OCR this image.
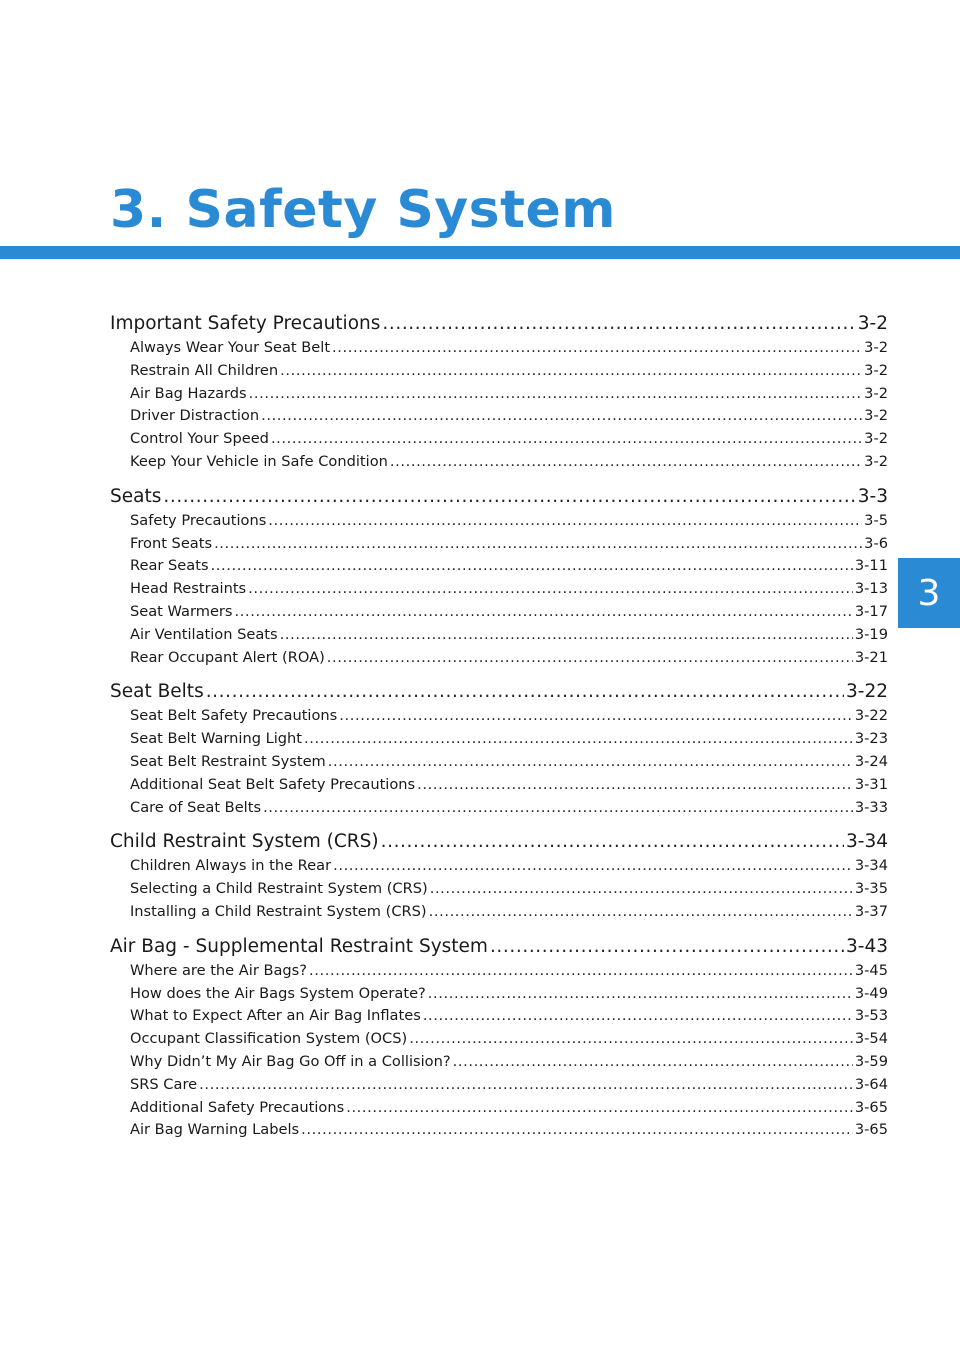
3. Safety System
3
Important Safety Precautions .....	3-2
Always Wear Your Seat Belt .....	3-2
Restrain All Children .....	3-2
Air Bag Hazards .....	3-2
Driver Distraction .....	3-2
Control Your Speed .....	3-2
Keep Your Vehicle in Safe Condition .....	3-2
Seats .....	3-3
Safety Precautions .....	3-5
Front Seats .....	3-6
Rear Seats .....	3-11
Head Restraints .....	3-13
Seat Warmers .....	3-17
Air Ventilation Seats .....	3-19
Rear Occupant Alert (ROA) .....	3-21
Seat Belts .....	3-22
Seat Belt Safety Precautions .....	3-22
Seat Belt Warning Light .....	3-23
Seat Belt Restraint System .....	3-24
Additional Seat Belt Safety Precautions .....	3-31
Care of Seat Belts .....	3-33
Child Restraint System (CRS) .....	3-34
Children Always in the Rear .....	3-34
Selecting a Child Restraint System (CRS) .....	3-35
Installing a Child Restraint System (CRS) .....	3-37
Air Bag - Supplemental Restraint System .....	3-43
Where are the Air Bags? .....	3-45
How does the Air Bags System Operate? .....	3-49
What to Expect After an Air Bag Inflates .....	3-53
Occupant Classification System (OCS) .....	3-54
Why Didn’t My Air Bag Go Off in a Collision? .....	3-59
SRS Care .....	3-64
Additional Safety Precautions .....	3-65
Air Bag Warning Labels .....	3-65
